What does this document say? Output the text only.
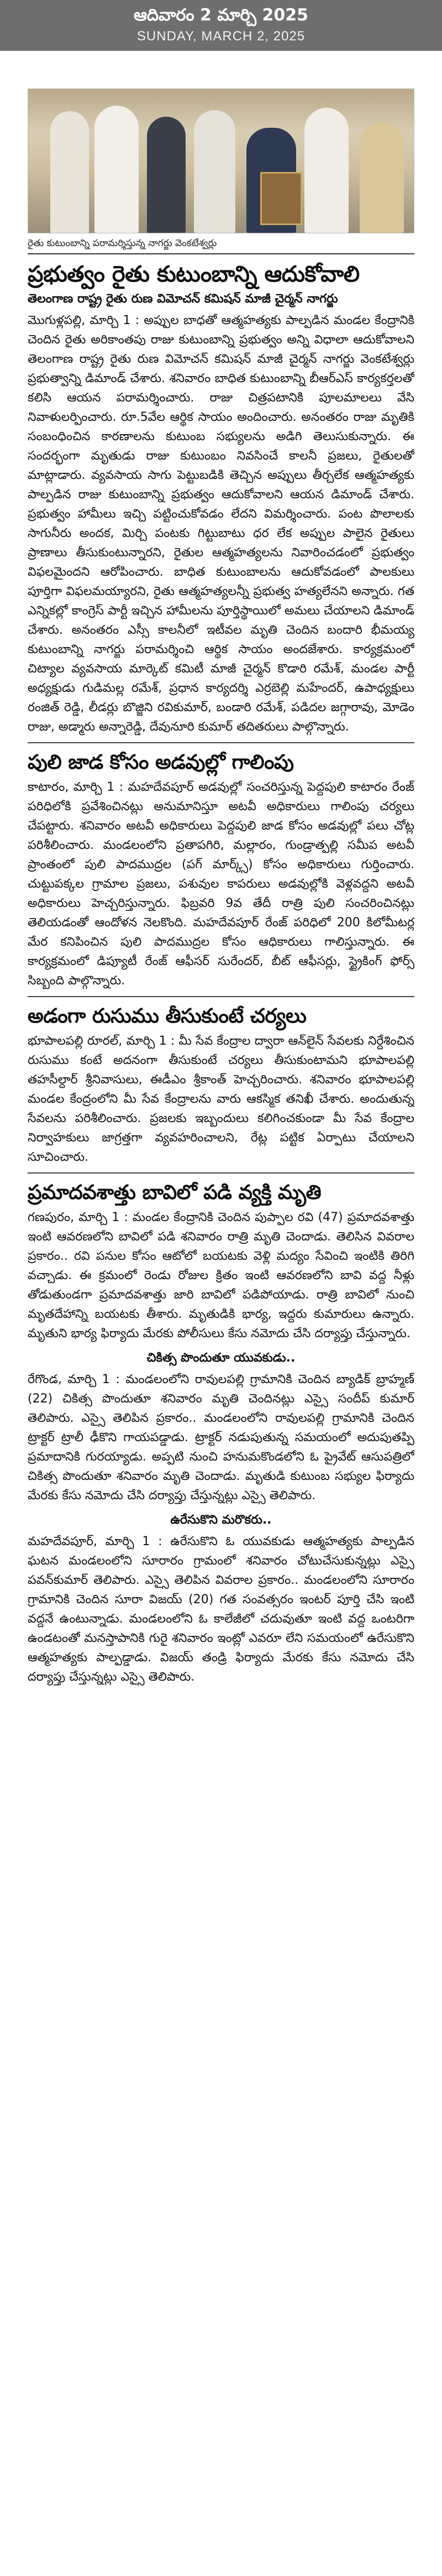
ఆదివారం 2 మార్చి 2025
SUNDAY, MARCH 2, 2025
రైతు కుటుంబాన్ని పరామర్శిస్తున్న నాగర్జు వెంకటేశ్వర్లు
ప్రభుత్వం రైతు కుటుంబాన్ని ఆదుకోవాలి
తెలంగాణ రాష్ట్ర రైతు రుణ విమోచన్ కమిషన్ మాజీ చైర్మన్ నాగర్జు
మొగుళ్లపల్లి, మార్చి 1 : అప్పుల బాధతో ఆత్మహత్యకు పాల్పడిన మండల కేంద్రానికి చెందిన రైతు అరికాంతపు రాజు కుటుంబాన్ని ప్రభుత్వం అన్ని విధాలా ఆదుకోవాలని తెలంగాణ రాష్ట్ర రైతు రుణ విమోచన్ కమిషన్ మాజీ చైర్మన్ నాగర్జు వెంకటేశ్వర్లు ప్రభుత్వాన్ని డిమాండ్ చేశారు. శనివారం బాధిత కుటుంబాన్ని బీఆర్ఎస్ కార్యకర్తలతో కలిసి ఆయన పరామర్శించారు. రాజు చిత్రపటానికి పూలమాలలు వేసి నివాళులర్పించారు. రూ.5వేల ఆర్థిక సాయం అందించారు. అనంతరం రాజు మృతికి సంబంధించిన కారణాలను కుటుంబ సభ్యులను అడిగి తెలుసుకున్నారు. ఈ సందర్భంగా మృతుడు రాజు కుటుంబం నివసించే కాలనీ ప్రజలు, రైతులతో మాట్లాడారు. వ్యవసాయ సాగు పెట్టుబడికి తెచ్చిన అప్పులు తీర్చలేక ఆత్మహత్యకు పాల్పడిన రాజు కుటుంబాన్ని ప్రభుత్వం ఆదుకోవాలని ఆయన డిమాండ్ చేశారు. ప్రభుత్వం హామీలు ఇచ్చి పట్టించుకోవడం లేదని విమర్శించారు. పంట పొలాలకు సాగునీరు అందక, మిర్చి పంటకు గిట్టుబాటు ధర లేక అప్పుల పాలైన రైతులు ప్రాణాలు తీసుకుంటున్నారని, రైతుల ఆత్మహత్యలను నివారించడంలో ప్రభుత్వం విఫలమైందని ఆరోపించారు. బాధిత కుటుంబాలను ఆదుకోవడంలో పాలకులు పూర్తిగా విఫలమయ్యారని, రైతు ఆత్మహత్యలన్నీ ప్రభుత్వ హత్యలేనని అన్నారు. గత ఎన్నికల్లో కాంగ్రెస్ పార్టీ ఇచ్చిన హామీలను పూర్తిస్థాయిలో అమలు చేయాలని డిమాండ్ చేశారు. అనంతరం ఎస్సీ కాలనీలో ఇటీవల మృతి చెందిన బందారి భీమయ్య కుటుంబాన్ని నాగర్జు పరామర్శించి ఆర్థిక సాయం అందజేశారు. కార్యక్రమంలో చిట్యాల వ్యవసాయ మార్కెట్ కమిటీ మాజీ చైర్మన్ కొడారి రమేశ్, మండల పార్టీ అధ్యక్షుడు గుడిమల్ల రమేశ్, ప్రధాన కార్యదర్శి ఎర్రబెల్లి మహేందర్, ఉపాధ్యక్షులు రంజిత్ రెడ్డి, లీడర్లు బొజ్జిని రవికుమార్, బండారి రమేశ్, పడిదల జగ్గారావు, మోడెం రాజు, అడ్మారు అన్నారెడ్డి, దేవునూరి కుమార్ తదితరులు పాల్గొన్నారు.
పులి జాడ కోసం అడవుల్లో గాలింపు
కాటారం, మార్చి 1 : మహదేవపూర్ అడవుల్లో సంచరిస్తున్న పెద్దపులి కాటారం రేంజ్ పరిధిలోకి ప్రవేశించినట్లు అనుమానిస్తూ అటవీ అధికారులు గాలింపు చర్యలు చేపట్టారు. శనివారం అటవీ అధికారులు పెద్దపులి జాడ కోసం అడవుల్లో పలు చోట్ల పరిశీలించారు. మండలంలోని ప్రతాపగిరి, మల్లారం, గుండ్రాత్పల్లి సమీప అటవీ ప్రాంతంలో పులి పాదముద్రల (పగ్ మార్క్స్) కోసం అధికారులు గుర్తించారు. చుట్టుపక్కల గ్రామాల ప్రజలు, పశువుల కాపరులు అడవుల్లోకి వెళ్లవద్దని అటవీ అధికారులు హెచ్చరిస్తున్నారు. ఫిబ్రవరి 9వ తేదీ రాత్రి పులి సంచరించినట్లు తెలియడంతో ఆందోళన నెలకొంది. మహదేవపూర్ రేంజ్ పరిధిలో 200 కిలోమీటర్ల మేర కనిపించిన పులి పాదముద్రల కోసం ఆధికారులు గాలిస్తున్నారు. ఈ కార్యక్రమంలో డిప్యూటీ రేంజ్ ఆఫీసర్ సురేందర్, బీట్ ఆఫీసర్లు, స్ట్రైకింగ్ ఫోర్స్ సిబ్బంది పాల్గొన్నారు.
అడంగా రుసుము తీసుకుంటే చర్యలు
భూపాలపల్లి రూరల్, మార్చి 1 : మీ సేవ కేంద్రాల ద్వారా ఆన్‌లైన్ సేవలకు నిర్దేశించిన రుసుము కంటే అదనంగా తీసుకుంటే చర్యలు తీసుకుంటామని భూపాలపల్లి తహసీల్దార్ శ్రీనివాసులు, ఈడీఎం శ్రీకాంత్ హెచ్చరించారు. శనివారం భూపాలపల్లి మండల కేంద్రంలోని మీ సేవ కేంద్రాలను వారు ఆకస్మిక తనిఖీ చేశారు. అందుతున్న సేవలను పరిశీలించారు. ప్రజలకు ఇబ్బందులు కలిగించకుండా మీ సేవ కేంద్రాల నిర్వాహకులు జాగ్రత్తగా వ్యవహరించాలని, రేట్ల పట్టిక ఏర్పాటు చేయాలని సూచించారు.
ప్రమాదవశాత్తు బావిలో పడి వ్యక్తి మృతి
గణపురం, మార్చి 1 : మండల కేంద్రానికి చెందిన పుప్పాల రవి (47) ప్రమాదవశాత్తు ఇంటి ఆవరణలోని బావిలో పడి శనివారం రాత్రి మృతి చెందాడు. తెలిసిన వివరాల ప్రకారం.. రవి పనుల కోసం ఆటోలో బయటకు వెళ్లి మద్యం సేవించి ఇంటికి తిరిగి వచ్చాడు. ఈ క్రమంలో రెండు రోజుల క్రితం ఇంటి ఆవరణలోని బావి వద్ద నీళ్లు తోడుతుండగా ప్రమాదవశాత్తు జారి బావిలో పడిపోయాడు. రాత్రి బావిలో నుంచి మృతదేహాన్ని బయటకు తీశారు. మృతుడికి భార్య, ఇద్దరు కుమారులు ఉన్నారు. మృతుని భార్య ఫిర్యాదు మేరకు పోలీసులు కేసు నమోదు చేసి దర్యాప్తు చేస్తున్నారు.
చికిత్స పొందుతూ యువకుడు..
రేగొండ, మార్చి 1 : మండలంలోని రావులపల్లి గ్రామానికి చెందిన బ్యాడిక్ బ్రాహ్మణ్ (22) చికిత్స పొందుతూ శనివారం మృతి చెందినట్లు ఎస్సై సందీప్ కుమార్ తెలిపారు. ఎస్సై తెలిపిన ప్రకారం.. మండలంలోని రావులపల్లి గ్రామానికి చెందిన ట్రాక్టర్ ట్రాలీ ఢీకొని గాయపడ్డాడు. ట్రాక్టర్ నడుపుతున్న సమయంలో అదుపుతప్పి ప్రమాదానికి గురయ్యాడు. అప్పటి నుంచి హనుమకొండలోని ఓ ప్రైవేట్ ఆసుపత్రిలో చికిత్స పొందుతూ శనివారం మృతి చెందాడు. మృతుడి కుటుంబ సభ్యుల ఫిర్యాదు మేరకు కేసు నమోదు చేసి దర్యాప్తు చేస్తున్నట్లు ఎస్సై తెలిపారు.
ఉరేసుకొని మరొకరు..
మహదేవపూర్, మార్చి 1 : ఉరేసుకొని ఓ యువకుడు ఆత్మహత్యకు పాల్పడిన ఘటన మండలంలోని సూరారం గ్రామంలో శనివారం చోటుచేసుకున్నట్లు ఎస్సై పవన్‌కుమార్ తెలిపారు. ఎస్సై తెలిపిన వివరాల ప్రకారం.. మండలంలోని సూరారం గ్రామానికి చెందిన సూరా విజయ్ (20) గత సంవత్సరం ఇంటర్ పూర్తి చేసి ఇంటి వద్దనే ఉంటున్నాడు. మండలంలోని ఓ కాలేజీలో చదువుతూ ఇంటి వద్ద ఒంటరిగా ఉండటంతో మనస్తాపానికి గురై శనివారం ఇంట్లో ఎవరూ లేని సమయంలో ఉరేసుకొని ఆత్మహత్యకు పాల్పడ్డాడు. విజయ్ తండ్రి ఫిర్యాదు మేరకు కేసు నమోదు చేసి దర్యాప్తు చేస్తున్నట్లు ఎస్సై తెలిపారు.
